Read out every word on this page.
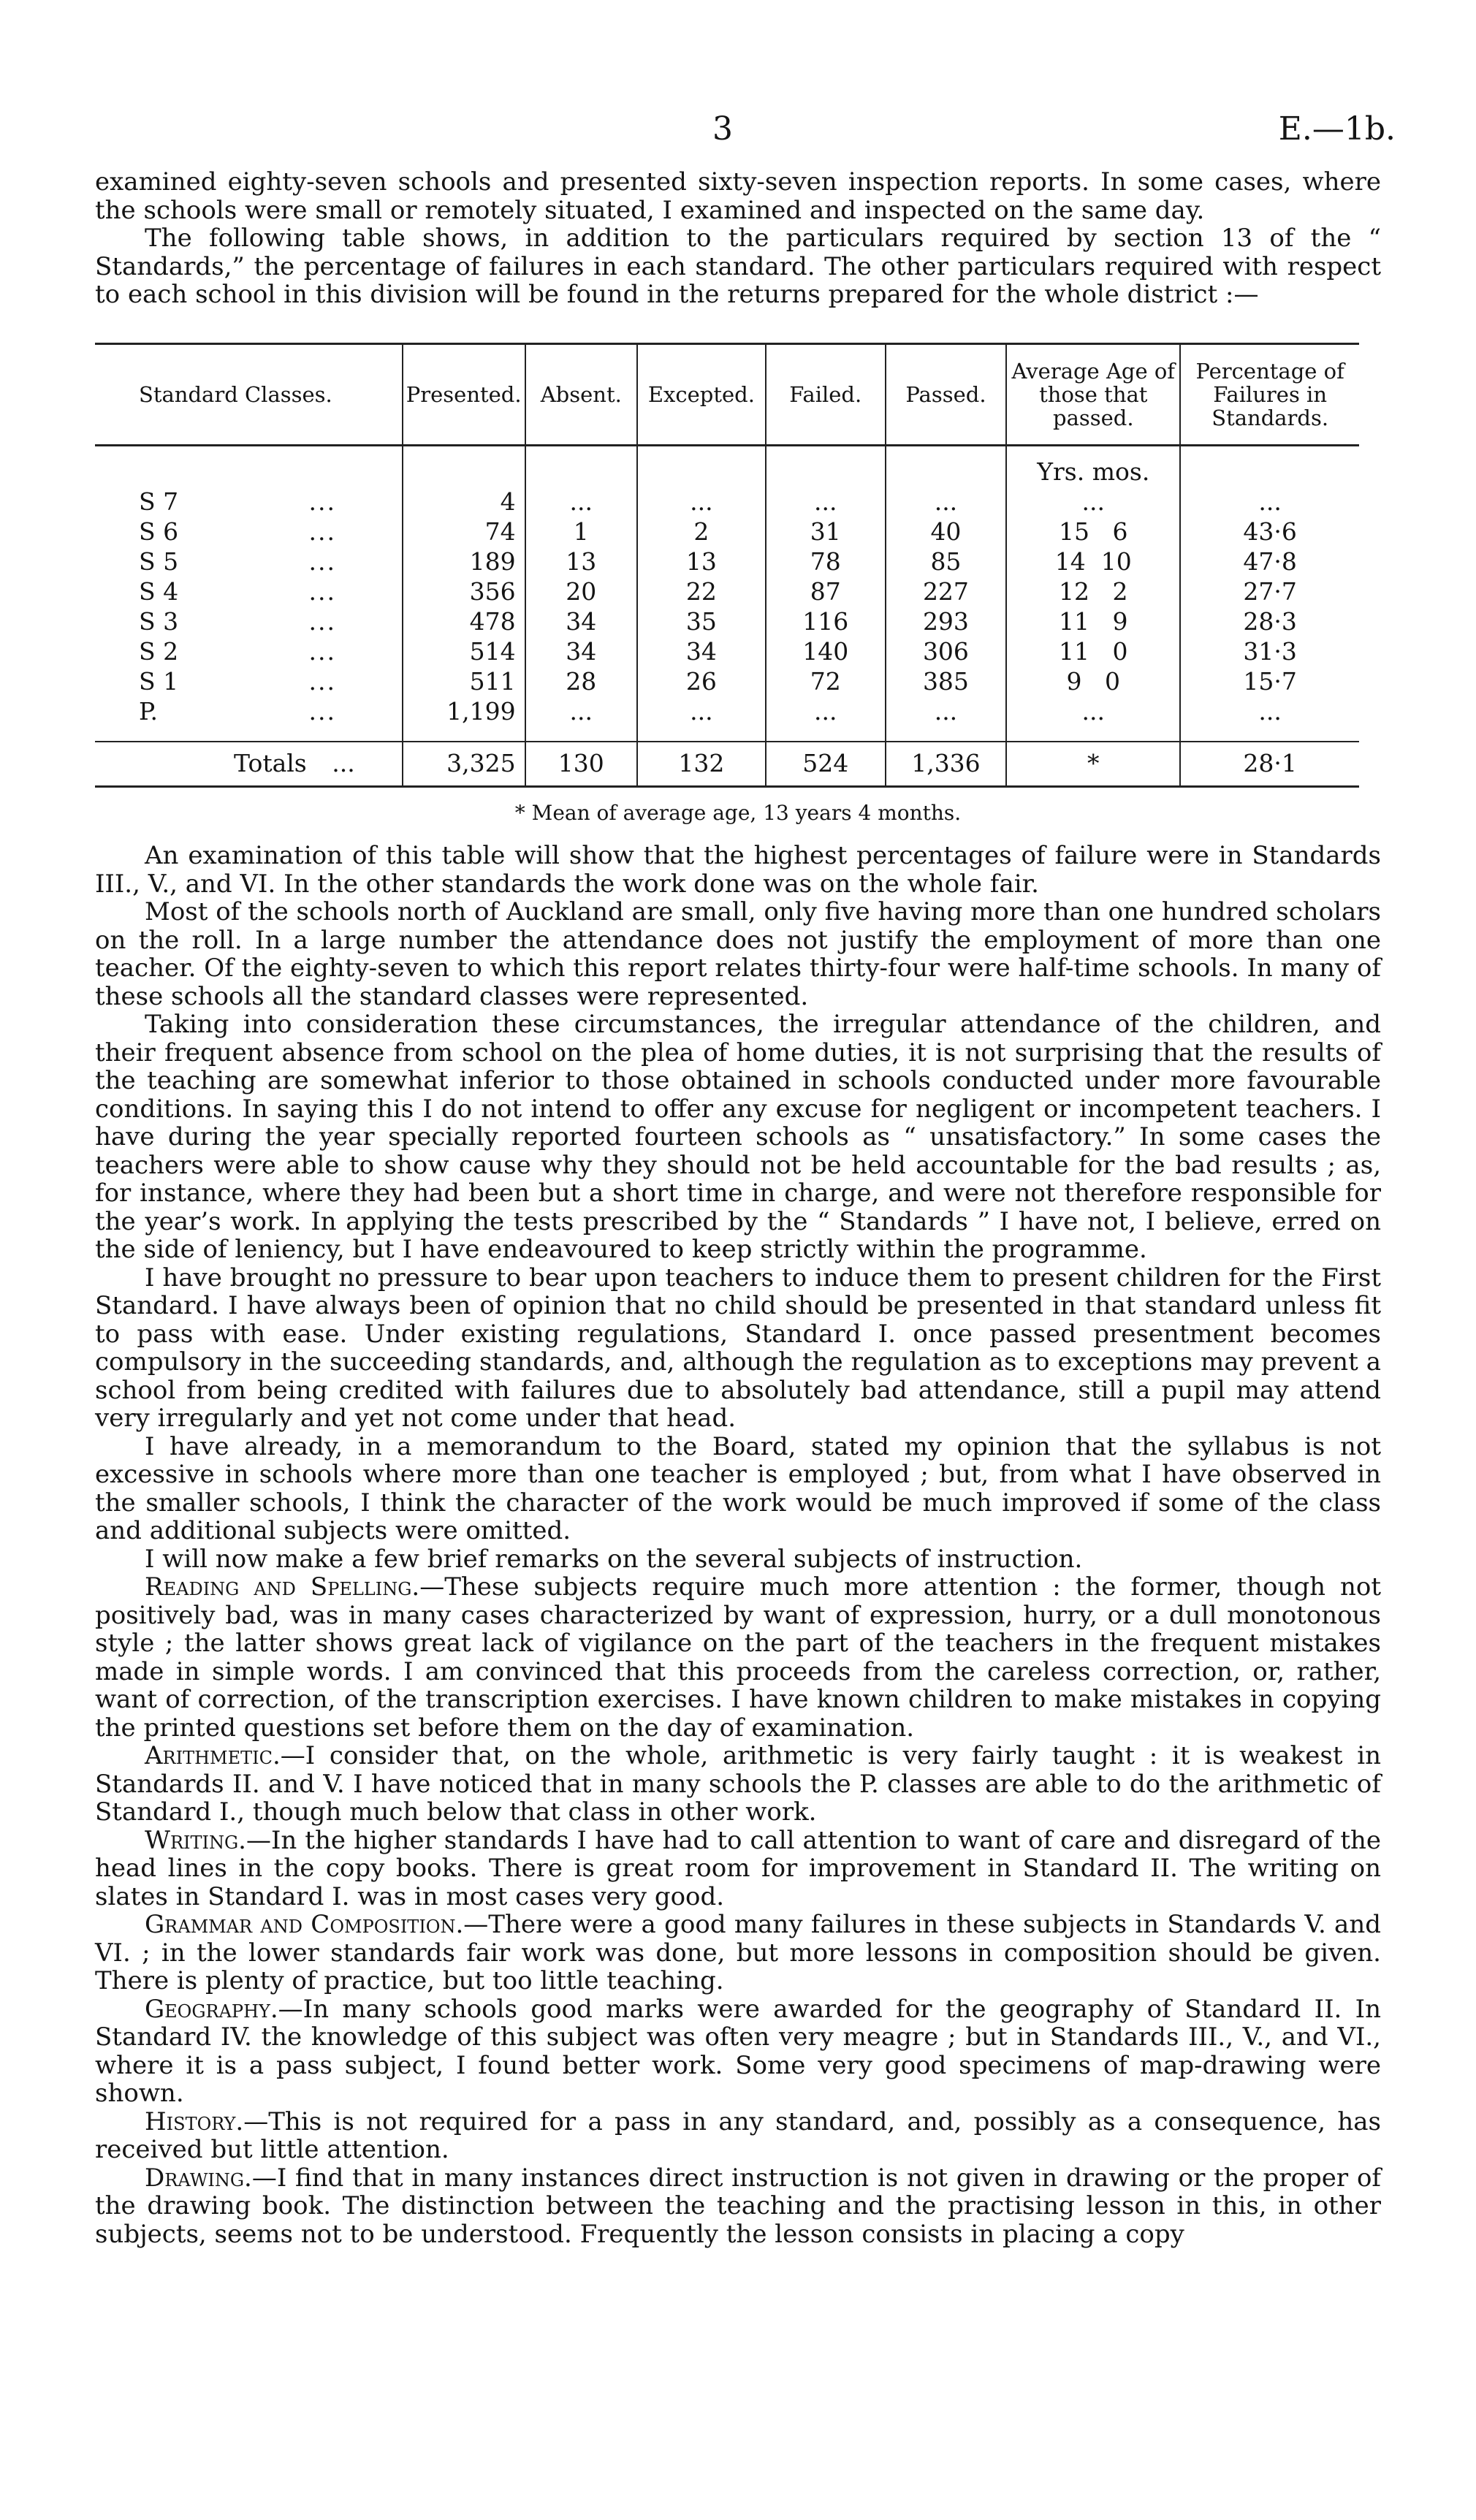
3	E.—1b.

examined eighty-seven schools and presented sixty-seven inspection reports. In some cases, where the schools were small or remotely situated, I examined and inspected on the same day.

The following table shows, in addition to the particulars required by section 13 of the “ Standards,” the percentage of failures in each standard. The other particulars required with respect to each school in this division will be found in the returns prepared for the whole district :—

Standard Classes.	Presented.	Absent.	Excepted.	Failed.	Passed.	Average Age of those that passed.	Percentage of Failures in Standards.
						Yrs. mos.	
S 7 ...	4	...	...	...	...	...	...
S 6 ...	74	1	2	31	40	15   6	43·6
S 5 ...	189	13	13	78	85	14  10	47·8
S 4 ...	356	20	22	87	227	12   2	27·7
S 3 ...	478	34	35	116	293	11   9	28·3
S 2 ...	514	34	34	140	306	11   0	31·3
S 1 ...	511	28	26	72	385	9   0	15·7
P. ...	1,199	...	...	...	...	...	...

Totals ...	3,325	130	132	524	1,336	*	28·1
* Mean of average age, 13 years 4 months.

An examination of this table will show that the highest percentages of failure were in Standards III., V., and VI. In the other standards the work done was on the whole fair.

Most of the schools north of Auckland are small, only five having more than one hundred scholars on the roll. In a large number the attendance does not justify the employment of more than one teacher. Of the eighty-seven to which this report relates thirty-four were half-time schools. In many of these schools all the standard classes were represented.

Taking into consideration these circumstances, the irregular attendance of the children, and their frequent absence from school on the plea of home duties, it is not surprising that the results of the teaching are somewhat inferior to those obtained in schools conducted under more favourable conditions. In saying this I do not intend to offer any excuse for negligent or incompetent teachers. I have during the year specially reported fourteen schools as “ unsatisfactory.” In some cases the teachers were able to show cause why they should not be held accountable for the bad results ; as, for instance, where they had been but a short time in charge, and were not therefore responsible for the year’s work. In applying the tests prescribed by the “ Standards ” I have not, I believe, erred on the side of leniency, but I have endeavoured to keep strictly within the programme.

I have brought no pressure to bear upon teachers to induce them to present children for the First Standard. I have always been of opinion that no child should be presented in that standard unless fit to pass with ease. Under existing regulations, Standard I. once passed presentment becomes compulsory in the succeeding standards, and, although the regulation as to exceptions may prevent a school from being credited with failures due to absolutely bad attendance, still a pupil may attend very irregularly and yet not come under that head.

I have already, in a memorandum to the Board, stated my opinion that the syllabus is not excessive in schools where more than one teacher is employed ; but, from what I have observed in the smaller schools, I think the character of the work would be much improved if some of the class and additional subjects were omitted.

I will now make a few brief remarks on the several subjects of instruction.

Reading and Spelling.—These subjects require much more attention : the former, though not positively bad, was in many cases characterized by want of expression, hurry, or a dull monotonous style ; the latter shows great lack of vigilance on the part of the teachers in the frequent mistakes made in simple words. I am convinced that this proceeds from the careless correction, or, rather, want of correction, of the transcription exercises. I have known children to make mistakes in copying the printed questions set before them on the day of examination.

Arithmetic.—I consider that, on the whole, arithmetic is very fairly taught : it is weakest in Standards II. and V. I have noticed that in many schools the P. classes are able to do the arithmetic of Standard I., though much below that class in other work.

Writing.—In the higher standards I have had to call attention to want of care and disregard of the head lines in the copy books. There is great room for improvement in Standard II. The writing on slates in Standard I. was in most cases very good.

Grammar and Composition.—There were a good many failures in these subjects in Standards V. and VI. ; in the lower standards fair work was done, but more lessons in composition should be given. There is plenty of practice, but too little teaching.

Geography.—In many schools good marks were awarded for the geography of Standard II. In Standard IV. the knowledge of this subject was often very meagre ; but in Standards III., V., and VI., where it is a pass subject, I found better work. Some very good specimens of map-drawing were shown.

History.—This is not required for a pass in any standard, and, possibly as a consequence, has received but little attention.

Drawing.—I find that in many instances direct instruction is not given in drawing or the proper of the drawing book. The distinction between the teaching and the practising lesson in this, in other subjects, seems not to be understood. Frequently the lesson consists in placing a copy
